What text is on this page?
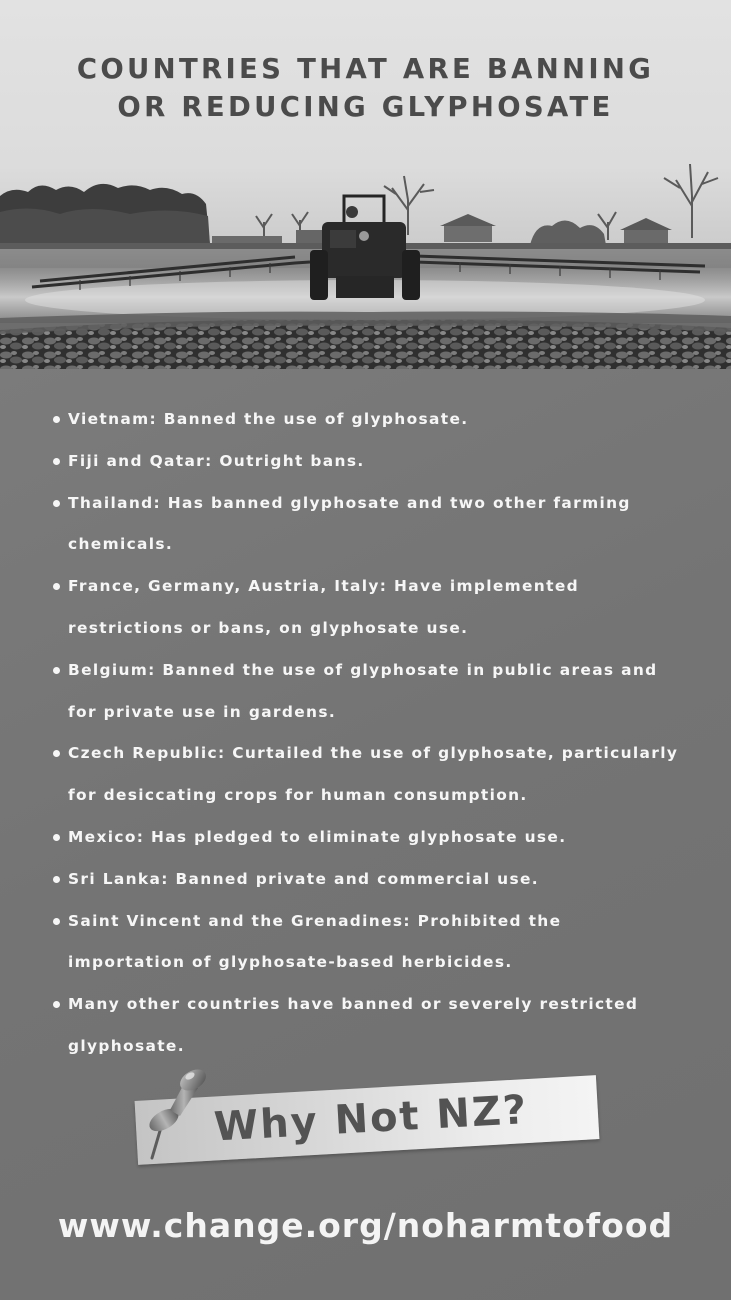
COUNTRIES THAT ARE BANNING
OR REDUCING GLYPHOSATE
Vietnam: Banned the use of glyphosate.
Fiji and Qatar: Outright bans.
Thailand: Has banned glyphosate and two other farming
chemicals.
France, Germany, Austria, Italy: Have implemented
restrictions or bans, on glyphosate use.
Belgium: Banned the use of glyphosate in public areas and
for private use in gardens.
Czech Republic: Curtailed the use of glyphosate, particularly
for desiccating crops for human consumption.
Mexico: Has pledged to eliminate glyphosate use.
Sri Lanka: Banned private and commercial use.
Saint Vincent and the Grenadines: Prohibited the
importation of glyphosate-based herbicides.
Many other countries have banned or severely restricted
glyphosate.

Why Not NZ?

www.change.org/noharmtofood
